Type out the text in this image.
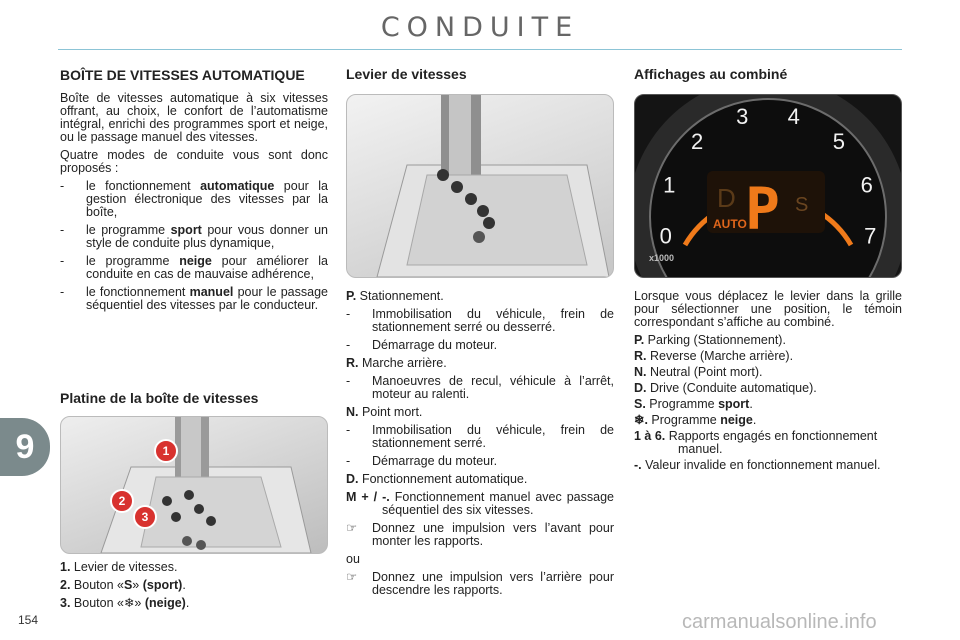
CONDUITE
9
154
BOÎTE DE VITESSES AUTOMATIQUE

Boîte de vitesses automatique à six vitesses offrant, au choix, le confort de l’automatisme intégral, enrichi des programmes sport et neige, ou le passage manuel des vitesses.

Quatre modes de conduite vous sont donc proposés :

- le fonctionnement automatique pour la gestion électronique des vitesses par la boîte,
- le programme sport pour vous donner un style de conduite plus dynamique,
- le programme neige pour améliorer la conduite en cas de mauvaise adhérence,
- le fonctionnement manuel pour le passage séquentiel des vitesses par le conducteur.
Platine de la boîte de vitesses
1
2
3

1. Levier de vitesses.

2. Bouton «S» (sport).

3. Bouton «❄» (neige).

Levier de vitesses

P. Stationnement.

- Immobilisation du véhicule, frein de stationnement serré ou desserré.
- Démarrage du moteur.

R. Marche arrière.

- Manoeuvres de recul, véhicule à l’arrêt, moteur au ralenti.

N. Point mort.

- Immobilisation du véhicule, frein de stationnement serré.
- Démarrage du moteur.

D. Fonctionnement automatique.

M + / -. Fonctionnement manuel avec passage séquentiel des six vitesses.

☞ Donnez une impulsion vers l’avant pour monter les rapports.

ou

☞ Donnez une impulsion vers l’arrière pour descendre les rapports.
Affichages au combiné
0
1
2
3 4
5
6
7
D
AUTO
P S
x1000

Lorsque vous déplacez le levier dans la grille pour sélectionner une position, le témoin correspondant s’affiche au combiné.

P. Parking (Stationnement).

R. Reverse (Marche arrière).

N. Neutral (Point mort).

D. Drive (Conduite automatique).

S. Programme sport.

❄. Programme neige.

1 à 6. Rapports engagés en fonctionnement manuel.

-. Valeur invalide en fonctionnement manuel.

carmanualsonline.info
